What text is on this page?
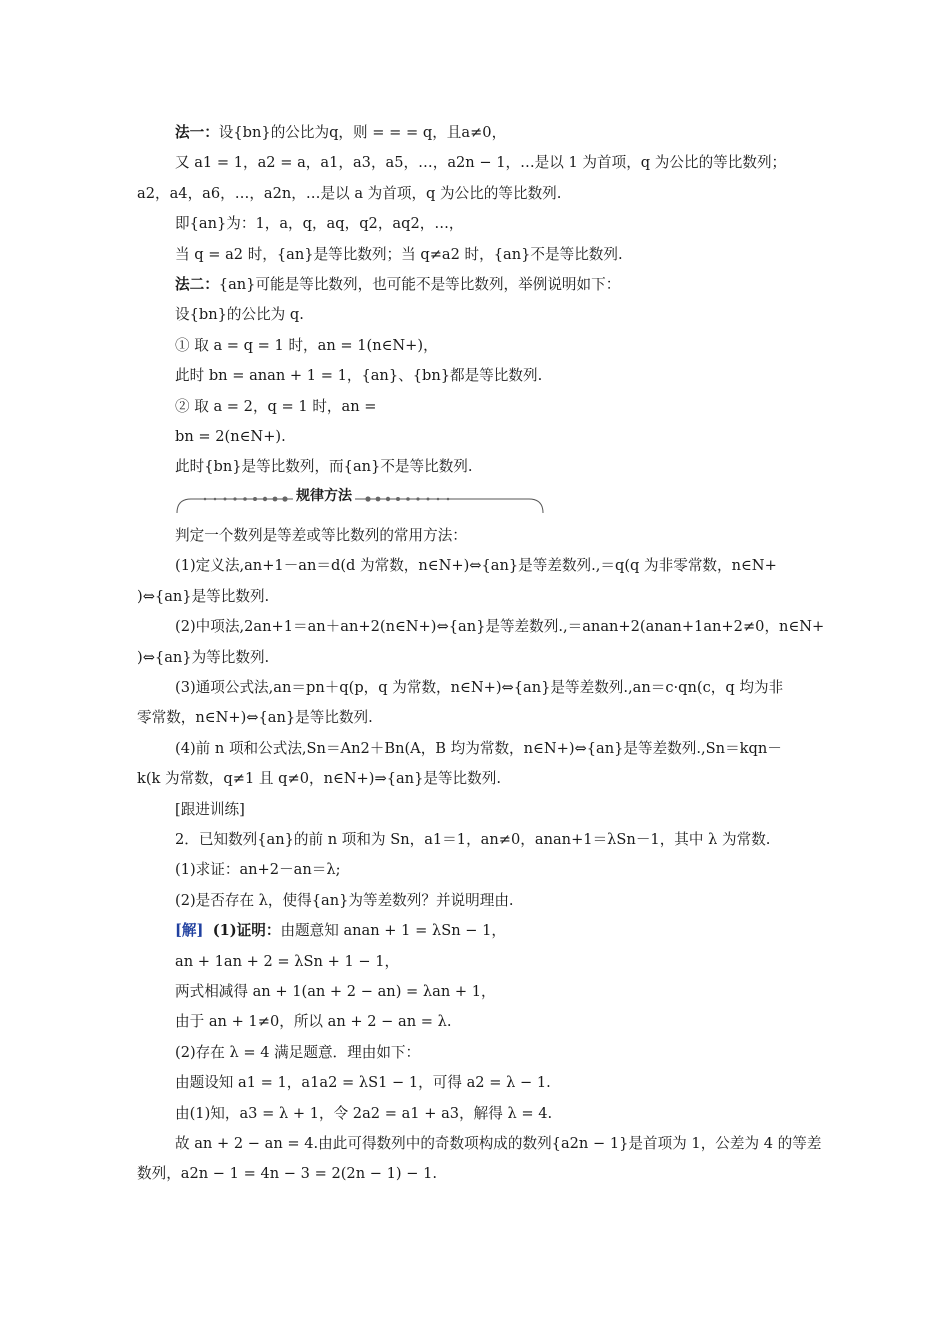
法一：设{bn}的公比为q，则 = = = q，且a≠0，

又 a1 = 1，a2 = a，a1，a3，a5，…，a2n − 1，…是以 1 为首项，q 为公比的等比数列；

a2，a4，a6，…，a2n，…是以 a 为首项，q 为公比的等比数列.

即{an}为：1，a，q，aq，q2，aq2，…，

当 q = a2 时，{an}是等比数列；当 q≠a2 时，{an}不是等比数列.

法二：{an}可能是等比数列，也可能不是等比数列，举例说明如下：

设{bn}的公比为 q.

① 取 a = q = 1 时，an = 1(n∈N+)，

此时 bn = anan + 1 = 1，{an}、{bn}都是等比数列.

② 取 a = 2，q = 1 时，an =

bn = 2(n∈N+).

此时{bn}是等比数列，而{an}不是等比数列.

规律方法

判定一个数列是等差或等比数列的常用方法：

(1)定义法,an+1－an＝d(d 为常数，n∈N+)⇔{an}是等差数列.,＝q(q 为非零常数，n∈N+

)⇔{an}是等比数列.

(2)中项法,2an+1＝an＋an+2(n∈N+)⇔{an}是等差数列.,＝anan+2(anan+1an+2≠0，n∈N+

)⇔{an}为等比数列.

(3)通项公式法,an＝pn＋q(p，q 为常数，n∈N+)⇔{an}是等差数列.,an＝c·qn(c，q 均为非

零常数，n∈N+)⇔{an}是等比数列.

(4)前 n 项和公式法,Sn＝An2＋Bn(A，B 均为常数，n∈N+)⇔{an}是等差数列.,Sn＝kqn－

k(k 为常数，q≠1 且 q≠0，n∈N+)⇒{an}是等比数列.

[跟进训练]

2．已知数列{an}的前 n 项和为 Sn，a1＝1，an≠0，anan+1＝λSn－1，其中 λ 为常数.

(1)求证：an+2－an＝λ;

(2)是否存在 λ，使得{an}为等差数列？并说明理由.

[解] (1)证明：由题意知 anan + 1 = λSn − 1，

an + 1an + 2 = λSn + 1 − 1，

两式相减得 an + 1(an + 2 − an) = λan + 1，

由于 an + 1≠0，所以 an + 2 − an = λ.

(2)存在 λ = 4 满足题意．理由如下：

由题设知 a1 = 1，a1a2 = λS1 − 1，可得 a2 = λ − 1.

由(1)知，a3 = λ + 1，令 2a2 = a1 + a3，解得 λ = 4.

故 an + 2 − an = 4.由此可得数列中的奇数项构成的数列{a2n − 1}是首项为 1，公差为 4 的等差

数列，a2n − 1 = 4n − 3 = 2(2n − 1) − 1.
